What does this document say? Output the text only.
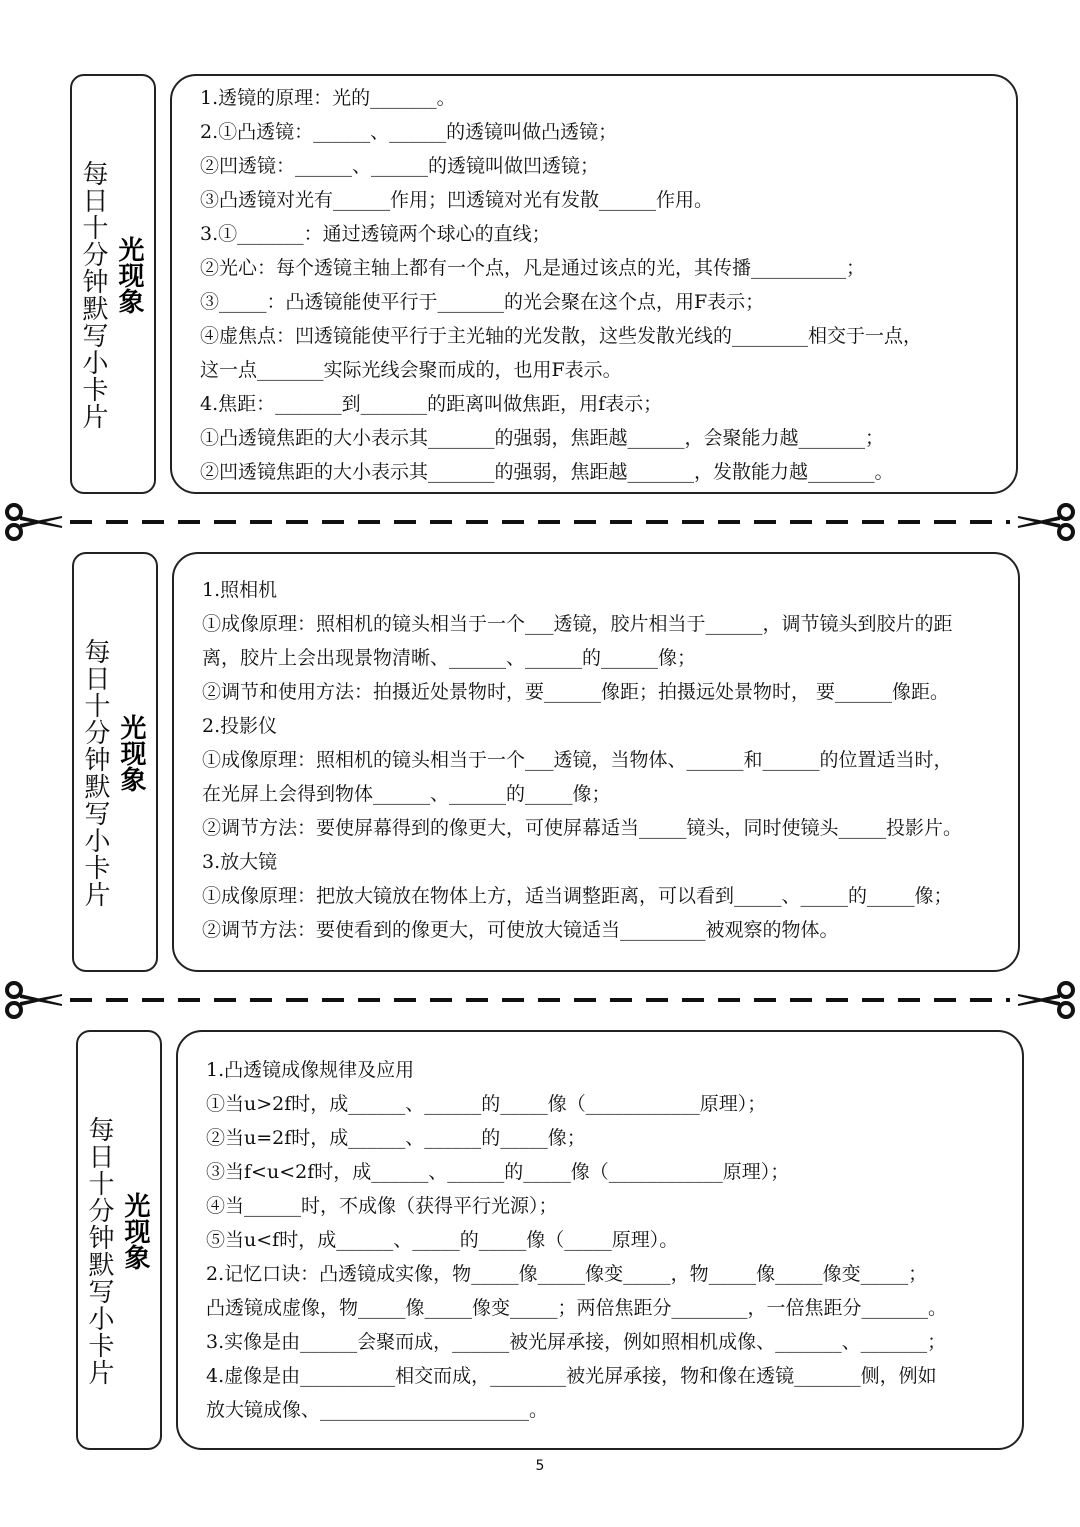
每日十分钟默写小卡片 光现象
1.透镜的原理：光的_______。
2.①凸透镜：______、______的透镜叫做凸透镜；
②凹透镜：______、______的透镜叫做凹透镜；
③凸透镜对光有______作用；凹透镜对光有发散______作用。
3.①_______：通过透镜两个球心的直线；
②光心：每个透镜主轴上都有一个点，凡是通过该点的光，其传播__________；
③_____：凸透镜能使平行于_______的光会聚在这个点，用F表示；
④虚焦点：凹透镜能使平行于主光轴的光发散，这些发散光线的________相交于一点，
这一点_______实际光线会聚而成的，也用F表示。
4.焦距：_______到_______的距离叫做焦距，用f表示；
①凸透镜焦距的大小表示其_______的强弱，焦距越______，会聚能力越_______；
②凹透镜焦距的大小表示其_______的强弱，焦距越_______，发散能力越_______。
每日十分钟默写小卡片 光现象
1.照相机
①成像原理：照相机的镜头相当于一个___透镜，胶片相当于______，调节镜头到胶片的距
离，胶片上会出现景物清晰、______、______的______像；
②调节和使用方法：拍摄近处景物时，要______像距；拍摄远处景物时， 要______像距。
2.投影仪
①成像原理：照相机的镜头相当于一个___透镜，当物体、______和______的位置适当时，
在光屏上会得到物体______、______的_____像；
②调节方法：要使屏幕得到的像更大，可使屏幕适当_____镜头，同时使镜头_____投影片。
3.放大镜
①成像原理：把放大镜放在物体上方，适当调整距离，可以看到_____、_____的_____像；
②调节方法：要使看到的像更大，可使放大镜适当_________被观察的物体。
每日十分钟默写小卡片 光现象
1.凸透镜成像规律及应用
①当u>2f时，成______、______的_____像（____________原理）；
②当u=2f时，成______、______的_____像；
③当f<u<2f时，成______、______的_____像（____________原理）；
④当______时，不成像（获得平行光源）；
⑤当u<f时，成______、_____的_____像（_____原理）。
2.记忆口诀：凸透镜成实像，物_____像_____像变_____，物_____像_____像变_____；
凸透镜成虚像，物_____像_____像变_____；两倍焦距分________，一倍焦距分_______。
3.实像是由______会聚而成，______被光屏承接，例如照相机成像、_______、_______；
4.虚像是由__________相交而成，________被光屏承接，物和像在透镜_______侧，例如
放大镜成像、______________________。
5
